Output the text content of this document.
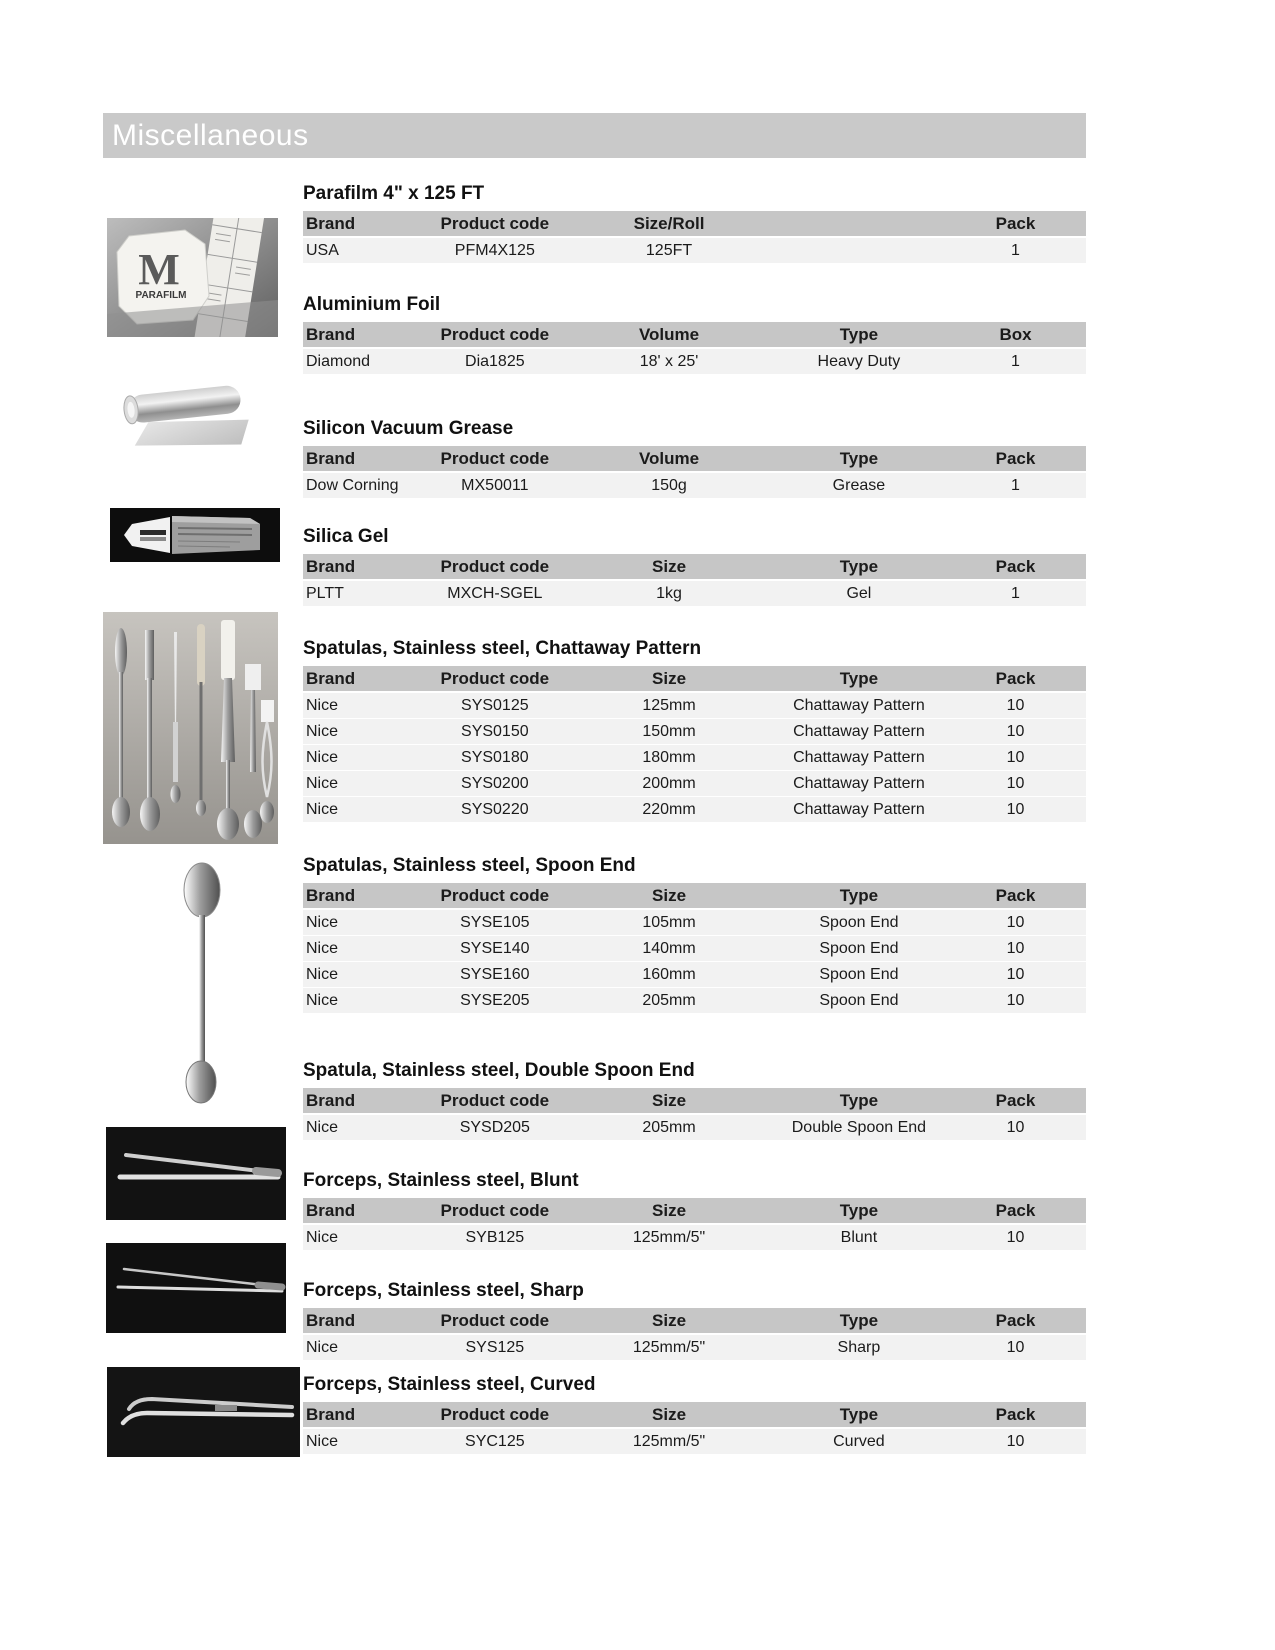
Miscellaneous
M
PARAFILM
Parafilm 4" x 125 FT
Brand	Product code	Size/Roll	Pack
USA	PFM4X125	125FT	1
Aluminium Foil
Brand	Product code	Volume	Type	Box
Diamond	Dia1825	18' x 25'	Heavy Duty	1
Silicon Vacuum Grease
Brand	Product code	Volume	Type	Pack
Dow Corning	MX50011	150g	Grease	1
Silica Gel
Brand	Product code	Size	Type	Pack
PLTT	MXCH-SGEL	1kg	Gel	1
Spatulas, Stainless steel, Chattaway Pattern
Brand	Product code	Size	Type	Pack
Nice	SYS0125	125mm	Chattaway Pattern	10
Nice	SYS0150	150mm	Chattaway Pattern	10
Nice	SYS0180	180mm	Chattaway Pattern	10
Nice	SYS0200	200mm	Chattaway Pattern	10
Nice	SYS0220	220mm	Chattaway Pattern	10
Spatulas, Stainless steel, Spoon End
Brand	Product code	Size	Type	Pack
Nice	SYSE105	105mm	Spoon End	10
Nice	SYSE140	140mm	Spoon End	10
Nice	SYSE160	160mm	Spoon End	10
Nice	SYSE205	205mm	Spoon End	10
Spatula, Stainless steel, Double Spoon End
Brand	Product code	Size	Type	Pack
Nice	SYSD205	205mm	Double Spoon End	10
Forceps, Stainless steel, Blunt
Brand	Product code	Size	Type	Pack
Nice	SYB125	125mm/5"	Blunt	10
Forceps, Stainless steel, Sharp
Brand	Product code	Size	Type	Pack
Nice	SYS125	125mm/5"	Sharp	10
Forceps, Stainless steel, Curved
Brand	Product code	Size	Type	Pack
Nice	SYC125	125mm/5"	Curved	10
